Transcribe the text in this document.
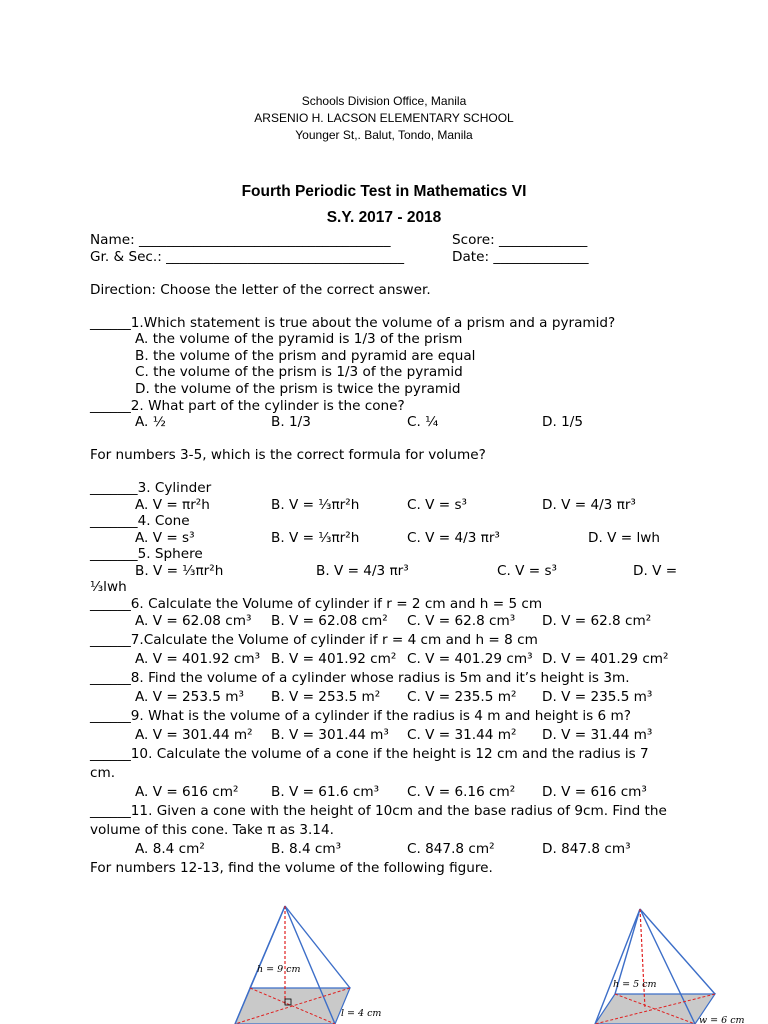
Schools Division Office, Manila
ARSENIO H. LACSON ELEMENTARY SCHOOL
Younger St,. Balut, Tondo, Manila
Fourth Periodic Test in Mathematics VI
S.Y. 2017 - 2018
Name: _____________________________________	Score: _____________
Gr. & Sec.: ___________________________________	Date: ______________
Direction: Choose the letter of the correct answer.
______1.Which statement is true about the volume of a prism and a pyramid?
A. the volume of the pyramid is 1/3 of the prism
B. the volume of the prism and pyramid are equal
C. the volume of the prism is 1/3 of the pyramid
D. the volume of the prism is twice the pyramid
______2. What part of the cylinder is the cone?
A. ½	B. 1/3	C. ¼	D. 1/5
For numbers 3-5, which is the correct formula for volume?
_______3. Cylinder
A. V = πr²h	B. V = ⅓πr²h	C. V = s³	D. V = 4/3 πr³
_______4. Cone
A. V = s³	B. V = ⅓πr²h	C. V = 4/3 πr³	D. V = lwh
_______5. Sphere
B. V = ⅓πr²h	B. V = 4/3 πr³	C. V = s³	D. V =
⅓lwh
______6. Calculate the Volume of cylinder if r = 2 cm and h = 5 cm
A. V = 62.08 cm³ B. V = 62.08 cm² C. V = 62.8 cm³ D. V = 62.8 cm²
______7.Calculate the Volume of cylinder if r = 4 cm and h = 8 cm
A. V = 401.92 cm³ B. V = 401.92 cm² C. V = 401.29 cm³ D. V = 401.29 cm²
______8. Find the volume of a cylinder whose radius is 5m and it’s height is 3m.
A. V = 253.5 m³ B. V = 253.5 m² C. V = 235.5 m² D. V = 235.5 m³
______9. What is the volume of a cylinder if the radius is 4 m and height is 6 m?
A. V = 301.44 m² B. V = 301.44 m³ C. V = 31.44 m² D. V = 31.44 m³
______10. Calculate the volume of a cone if the height is 12 cm and the radius is 7
cm.
A. V = 616 cm² B. V = 61.6 cm³ C. V = 6.16 cm² D. V = 616 cm³
______11. Given a cone with the height of 10cm and the base radius of 9cm. Find the
volume of this cone. Take π as 3.14.
A. 8.4 cm²	B. 8.4 cm³	C. 847.8 cm²	D. 847.8 cm³
For numbers 12-13, find the volume of the following figure.
h = 9 cm
l = 4 cm
h = 5 cm
w = 6 cm
